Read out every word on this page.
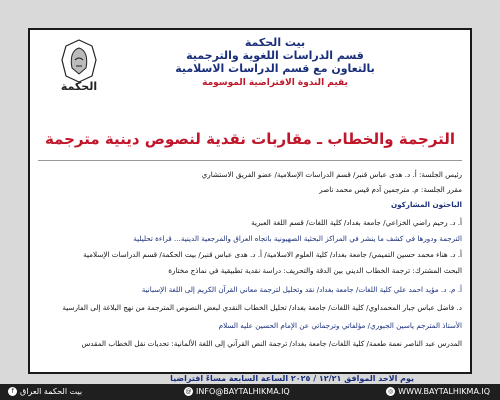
الحكمة
بيت الحكمة
قسم الدراسات اللغوية والترجمية
بالتعاون مع قسم الدراسات الاسلامية
يقيم الندوة الافتراضية الموسومة
الترجمة والخطاب ـ مقاربات نقدية لنصوص دينية مترجمة
رئيس الجلسة: أ. د. هدى عباس قنبر/ قسم الدراسات الإسلامية/ عضو الفريق الاستشاري
مقرر الجلسة: م. مترجمين آدم قيس محمد ناصر
الباحثون المشاركون
أ. د. رحيم راضي الخزاعي/ جامعة بغداد/ كلية اللغات/ قسم اللغة العبرية
الترجمة ودورها في كشف ما ينشر في المراكز البحثية الصهيونية باتجاه العراق والمرجعية الدينية... قراءة تحليلية
أ. د. هناء محمد حسين التميمي/ جامعة بغداد/ كلية العلوم الاسلامية/ أ. د. هدى عباس قنبر/ بيت الحكمة/ قسم الدراسات الإسلامية
البحث المشترك: ترجمة الخطاب الديني بين الدقة والتحريف: دراسة نقدية تطبيقية في نماذج مختارة
أ. م. د. مؤيد احمد علي كلية اللغات/ جامعة بغداد/ نقد وتحليل لترجمة معاني القرآن الكريم إلى اللغة الإسبانية
د. فاضل عباس جبار المحمداوي/ كلية اللغات/ جامعة بغداد/ تحليل الخطاب النقدي لبعض النصوص المترجمة من نهج البلاغة إلى الفارسية
الأستاذ المترجم ياسين الجبوري/ مؤلفاتي وترجماتي عن الإمام الحسين عليه السلام
المدرس عبد الناصر نعمة طعمة/ كلية اللغات/ جامعة بغداد/ ترجمة النص القرآني إلى اللغة الألمانية: تحديات نقل الخطاب المقدس
يوم الاحد الموافق ١٢/٢١ / ٢٠٢٥ الساعة السابعة مساءً افتراضيا
f بيت الحكمة العراق	@ INFO@BAYTALHIKMA.IQ	◎ WWW.BAYTALHIKMA.IQ
